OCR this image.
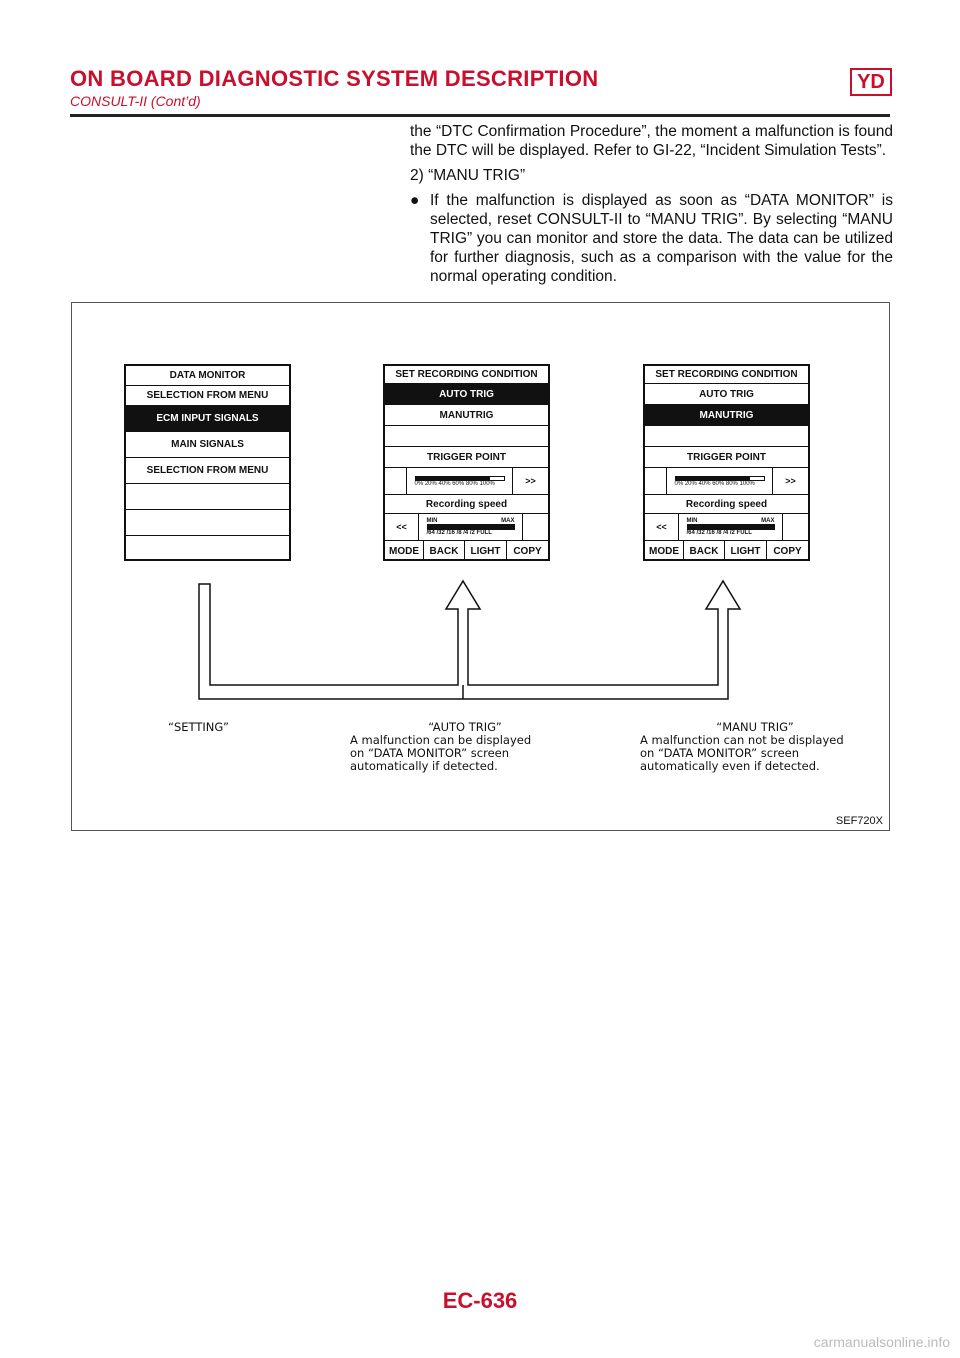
ON BOARD DIAGNOSTIC SYSTEM DESCRIPTION	YD
CONSULT-II (Cont’d)

the “DTC Confirmation Procedure”, the moment a malfunction is found the DTC will be displayed. Refer to GI-22, “Incident Simulation Tests”.

2) “MANU TRIG”

● If the malfunction is displayed as soon as “DATA MONITOR” is selected, reset CONSULT-II to “MANU TRIG”. By selecting “MANU TRIG” you can monitor and store the data. The data can be utilized for further diagnosis, such as a comparison with the value for the normal operating condition.
DATA MONITOR
SELECTION FROM MENU
ECM INPUT SIGNALS
MAIN SIGNALS
SELECTION FROM MENU
SET RECORDING CONDITION
AUTO TRIG
MANUTRIG
TRIGGER POINT
0% 20% 40% 60% 80% 100%	>>
Recording speed
<<
MIN	MAX
/64 /32 /16 /8 /4 /2 FULL
MODE	BACK	LIGHT	COPY
SET RECORDING CONDITION
AUTO TRIG
MANUTRIG
TRIGGER POINT
0% 20% 40% 60% 80% 100%	>>
Recording speed
<<
MIN	MAX
/64 /32 /16 /8 /4 /2 FULL
MODE	BACK	LIGHT	COPY
“SETTING”	“AUTO TRIG”
A malfunction can be displayed
on “DATA MONITOR” screen
automatically if detected.
“MANU TRIG”
A malfunction can not be displayed
on “DATA MONITOR” screen
automatically even if detected.
SEF720X
EC-636
carmanualsonline.info
